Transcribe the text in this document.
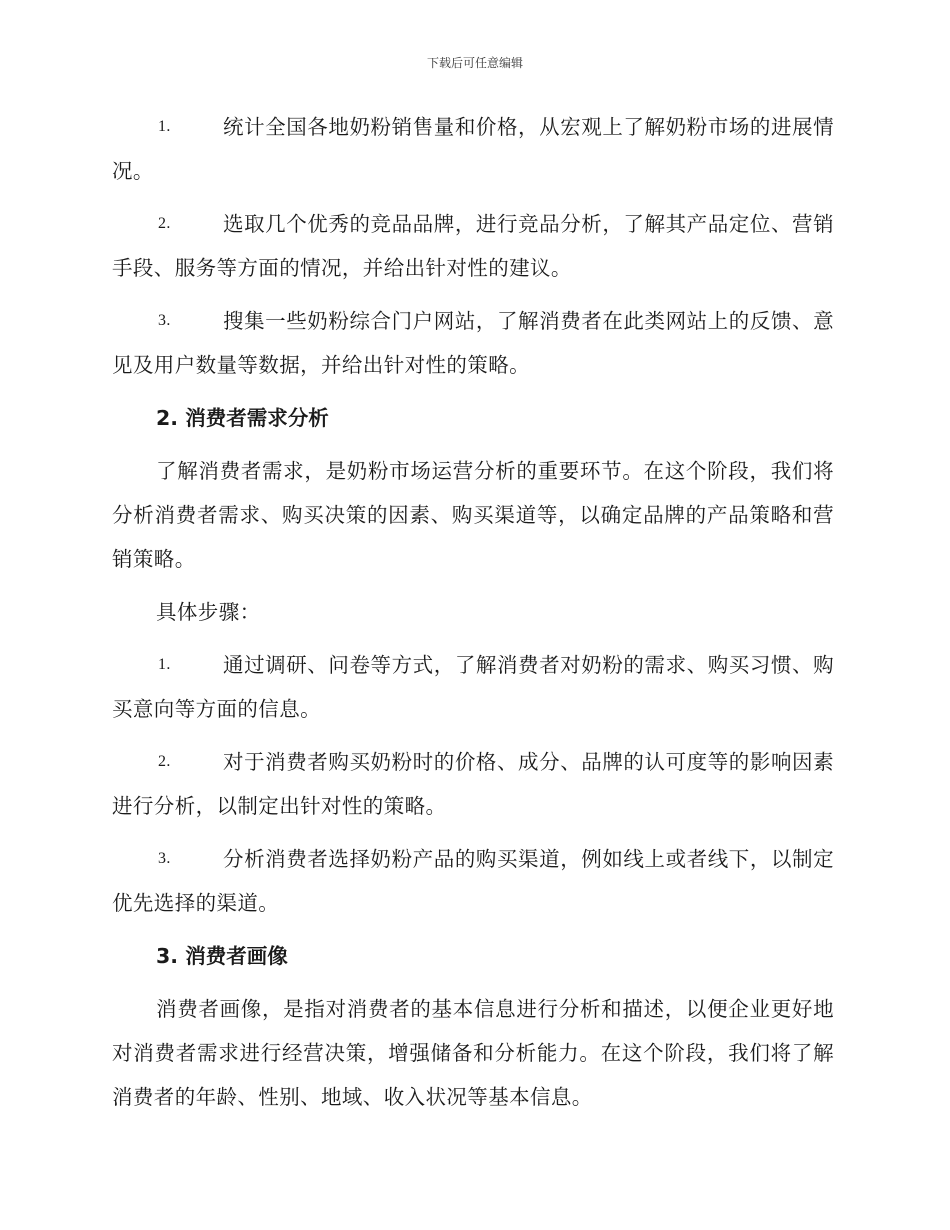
下载后可任意编辑

1.	统计全国各地奶粉销售量和价格，从宏观上了解奶粉市场的进展情况。

2.	选取几个优秀的竞品品牌，进行竞品分析，了解其产品定位、营销手段、服务等方面的情况，并给出针对性的建议。

3.	搜集一些奶粉综合门户网站，了解消费者在此类网站上的反馈、意见及用户数量等数据，并给出针对性的策略。

2. 消费者需求分析

了解消费者需求，是奶粉市场运营分析的重要环节。在这个阶段，我们将分析消费者需求、购买决策的因素、购买渠道等，以确定品牌的产品策略和营销策略。

具体步骤：

1.	通过调研、问卷等方式，了解消费者对奶粉的需求、购买习惯、购买意向等方面的信息。

2.	对于消费者购买奶粉时的价格、成分、品牌的认可度等的影响因素进行分析，以制定出针对性的策略。

3.	分析消费者选择奶粉产品的购买渠道，例如线上或者线下，以制定优先选择的渠道。

3. 消费者画像

消费者画像，是指对消费者的基本信息进行分析和描述，以便企业更好地对消费者需求进行经营决策，增强储备和分析能力。在这个阶段，我们将了解消费者的年龄、性别、地域、收入状况等基本信息。
